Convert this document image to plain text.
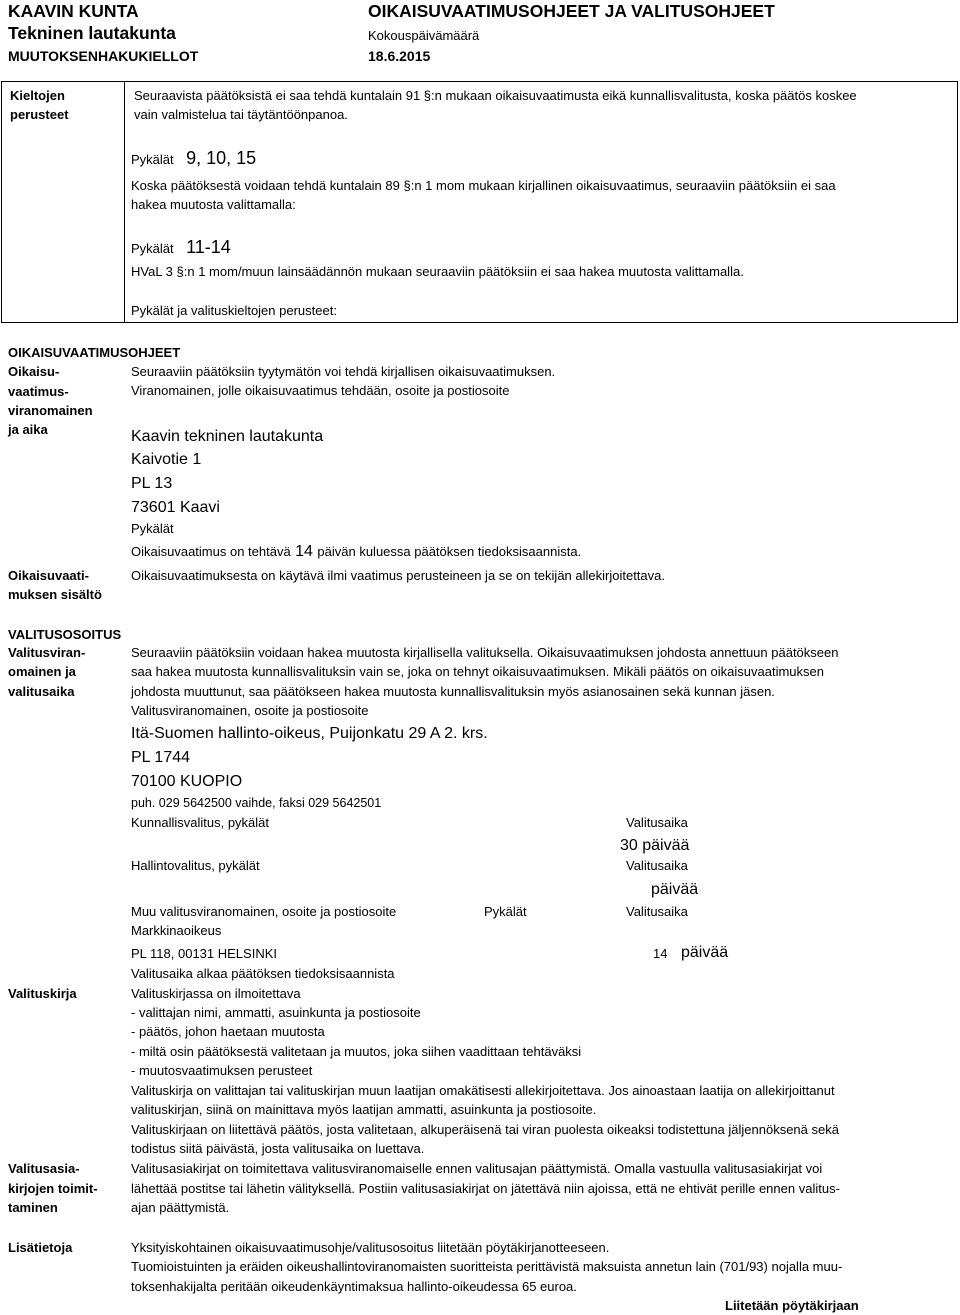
KAAVIN KUNTA
Tekninen lautakunta
MUUTOKSENHAKUKIELLOT
OIKAISUVAATIMUSOHJEET JA VALITUSOHJEET
Kokouspäivämäärä
18.6.2015
Kieltojen
perusteet
Seuraavista päätöksistä ei saa tehdä kuntalain 91 §:n mukaan oikaisuvaatimusta eikä kunnallisvalitusta, koska päätös koskee
vain valmistelua tai täytäntöönpanoa.
Pykälät 9, 10, 15
Koska päätöksestä voidaan tehdä kuntalain 89 §:n 1 mom mukaan kirjallinen oikaisuvaatimus, seuraaviin päätöksiin ei saa
hakea muutosta valittamalla:
Pykälät 11-14
HVaL 3 §:n 1 mom/muun lainsäädännön mukaan seuraaviin päätöksiin ei saa hakea muutosta valittamalla.
Pykälät ja valituskieltojen perusteet:
OIKAISUVAATIMUSOHJEET
Oikaisu-
vaatimus-
viranomainen
ja aika
Seuraaviin päätöksiin tyytymätön voi tehdä kirjallisen oikaisuvaatimuksen.
Viranomainen, jolle oikaisuvaatimus tehdään, osoite ja postiosoite
Kaavin tekninen lautakunta
Kaivotie 1
PL 13
73601 Kaavi
Pykälät
Oikaisuvaatimus on tehtävä 14 päivän kuluessa päätöksen tiedoksisaannista.
Oikaisuvaati-
muksen sisältö
Oikaisuvaatimuksesta on käytävä ilmi vaatimus perusteineen ja se on tekijän allekirjoitettava.
VALITUSOSOITUS
Valitusviran-
omainen ja
valitusaika
Seuraaviin päätöksiin voidaan hakea muutosta kirjallisella valituksella. Oikaisuvaatimuksen johdosta annettuun päätökseen
saa hakea muutosta kunnallisvalituksin vain se, joka on tehnyt oikaisuvaatimuksen. Mikäli päätös on oikaisuvaatimuksen
johdosta muuttunut, saa päätökseen hakea muutosta kunnallisvalituksin myös asianosainen sekä kunnan jäsen.
Valitusviranomainen, osoite ja postiosoite
Itä-Suomen hallinto-oikeus, Puijonkatu 29 A 2. krs.
PL 1744
70100 KUOPIO
puh. 029 5642500 vaihde, faksi 029 5642501
Kunnallisvalitus, pykälät	Valitusaika
30 päivää
Hallintovalitus, pykälät	Valitusaika
päivää
Muu valitusviranomainen, osoite ja postiosoite	Pykälät	Valitusaika
Markkinaoikeus
PL 118, 00131 HELSINKI	14 päivää
Valitusaika alkaa päätöksen tiedoksisaannista
Valituskirja	Valituskirjassa on ilmoitettava
- valittajan nimi, ammatti, asuinkunta ja postiosoite
- päätös, johon haetaan muutosta
- miltä osin päätöksestä valitetaan ja muutos, joka siihen vaadittaan tehtäväksi
- muutosvaatimuksen perusteet
Valituskirja on valittajan tai valituskirjan muun laatijan omakätisesti allekirjoitettava. Jos ainoastaan laatija on allekirjoittanut
valituskirjan, siinä on mainittava myös laatijan ammatti, asuinkunta ja postiosoite.
Valituskirjaan on liitettävä päätös, josta valitetaan, alkuperäisenä tai viran puolesta oikeaksi todistettuna jäljennöksenä sekä
todistus siitä päivästä, josta valitusaika on luettava.
Valitusasia-
kirjojen toimit-
taminen
Valitusasiakirjat on toimitettava valitusviranomaiselle ennen valitusajan päättymistä. Omalla vastuulla valitusasiakirjat voi
lähettää postitse tai lähetin välityksellä. Postiin valitusasiakirjat on jätettävä niin ajoissa, että ne ehtivät perille ennen valitus-
ajan päättymistä.
Lisätietoja	Yksityiskohtainen oikaisuvaatimusohje/valitusosoitus liitetään pöytäkirjanotteeseen.
Tuomioistuinten ja eräiden oikeushallintoviranomaisten suoritteista perittävistä maksuista annetun lain (701/93) nojalla muu-
toksenhakijalta peritään oikeudenkäyntimaksua hallinto-oikeudessa 65 euroa.
Liitetään pöytäkirjaan
